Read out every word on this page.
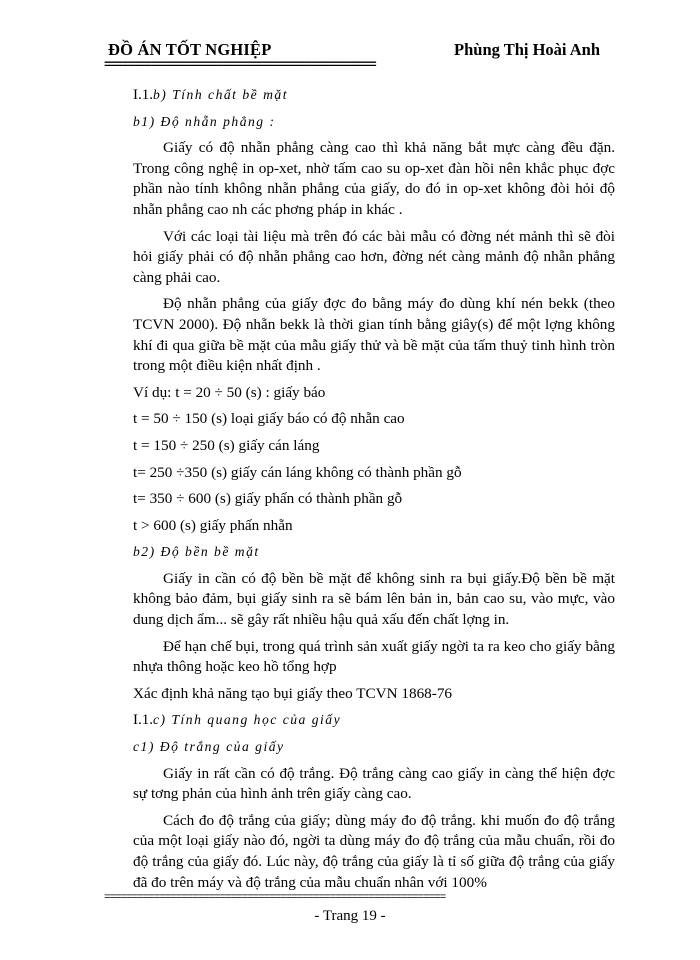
ĐỒ ÁN TỐT NGHIỆP	Phùng Thị Hoài Anh
==============================================

I.1.b) Tính chất bề mặt

b1) Độ nhẵn phẳng :

Giấy có độ nhẵn phẳng càng cao thì khả năng bắt mực càng đều đặn. Trong công nghệ in op-xet, nhờ tấm cao su op-xet đàn hồi nên khắc phục đợc phần nào tính không nhẵn phẳng của giấy, do đó in op-xet không đòi hỏi độ nhẵn phẳng cao nh các phơng pháp in khác .

Với các loại tài liệu mà trên đó các bài mẫu có đờng nét mảnh thì sẽ đòi hỏi giấy phải có độ nhẵn phẳng cao hơn, đờng nét càng mảnh độ nhẵn phẳng càng phải cao.

Độ nhẵn phẳng của giấy đợc đo bằng máy đo dùng khí nén bekk (theo TCVN 2000). Độ nhẵn bekk là thời gian tính bằng giây(s) để một lợng không khí đi qua giữa bề mặt của mẫu giấy thử và bề mặt của tấm thuỷ tinh hình tròn trong một điều kiện nhất định .

Ví dụ: t = 20 ÷ 50 (s) : giấy báo

t = 50 ÷ 150 (s) loại giấy báo có độ nhẵn cao

t = 150 ÷ 250 (s) giấy cán láng

t= 250 ÷350 (s) giấy cán láng không có thành phần gỗ

t= 350 ÷ 600 (s) giấy phấn có thành phần gỗ

t > 600 (s) giấy phấn nhẵn

b2) Độ bền bề mặt

Giấy in cần có độ bền bề mặt để không sinh ra bụi giấy.Độ bền bề mặt không bảo đảm, bụi giấy sinh ra sẽ bám lên bản in, bản cao su, vào mực, vào dung dịch ẩm... sẽ gây rất nhiều hậu quả xấu đến chất lợng in.

Để hạn chế bụi, trong quá trình sản xuất giấy ngời ta ra keo cho giấy bằng nhựa thông hoặc keo hồ tổng hợp

Xác định khả năng tạo bụi giấy theo TCVN 1868-76

I.1.c) Tính quang học của giấy

c1) Độ trắng của giấy

Giấy in rất cần có độ trắng. Độ trắng càng cao giấy in càng thể hiện đợc sự tơng phản của hình ảnh trên giấy càng cao.

Cách đo độ trắng của giấy; dùng máy đo độ trắng. khi muốn đo độ trắng của một loại giấy nào đó, ngời ta dùng máy đo độ trắng của mẫu chuẩn, rồi đo độ trắng của giấy đó. Lúc này, độ trắng của giấy là tỉ số giữa độ trắng của giấy đã đo trên máy và độ trắng của mẫu chuẩn nhân với 100%

==============================================================
- Trang 19 -
